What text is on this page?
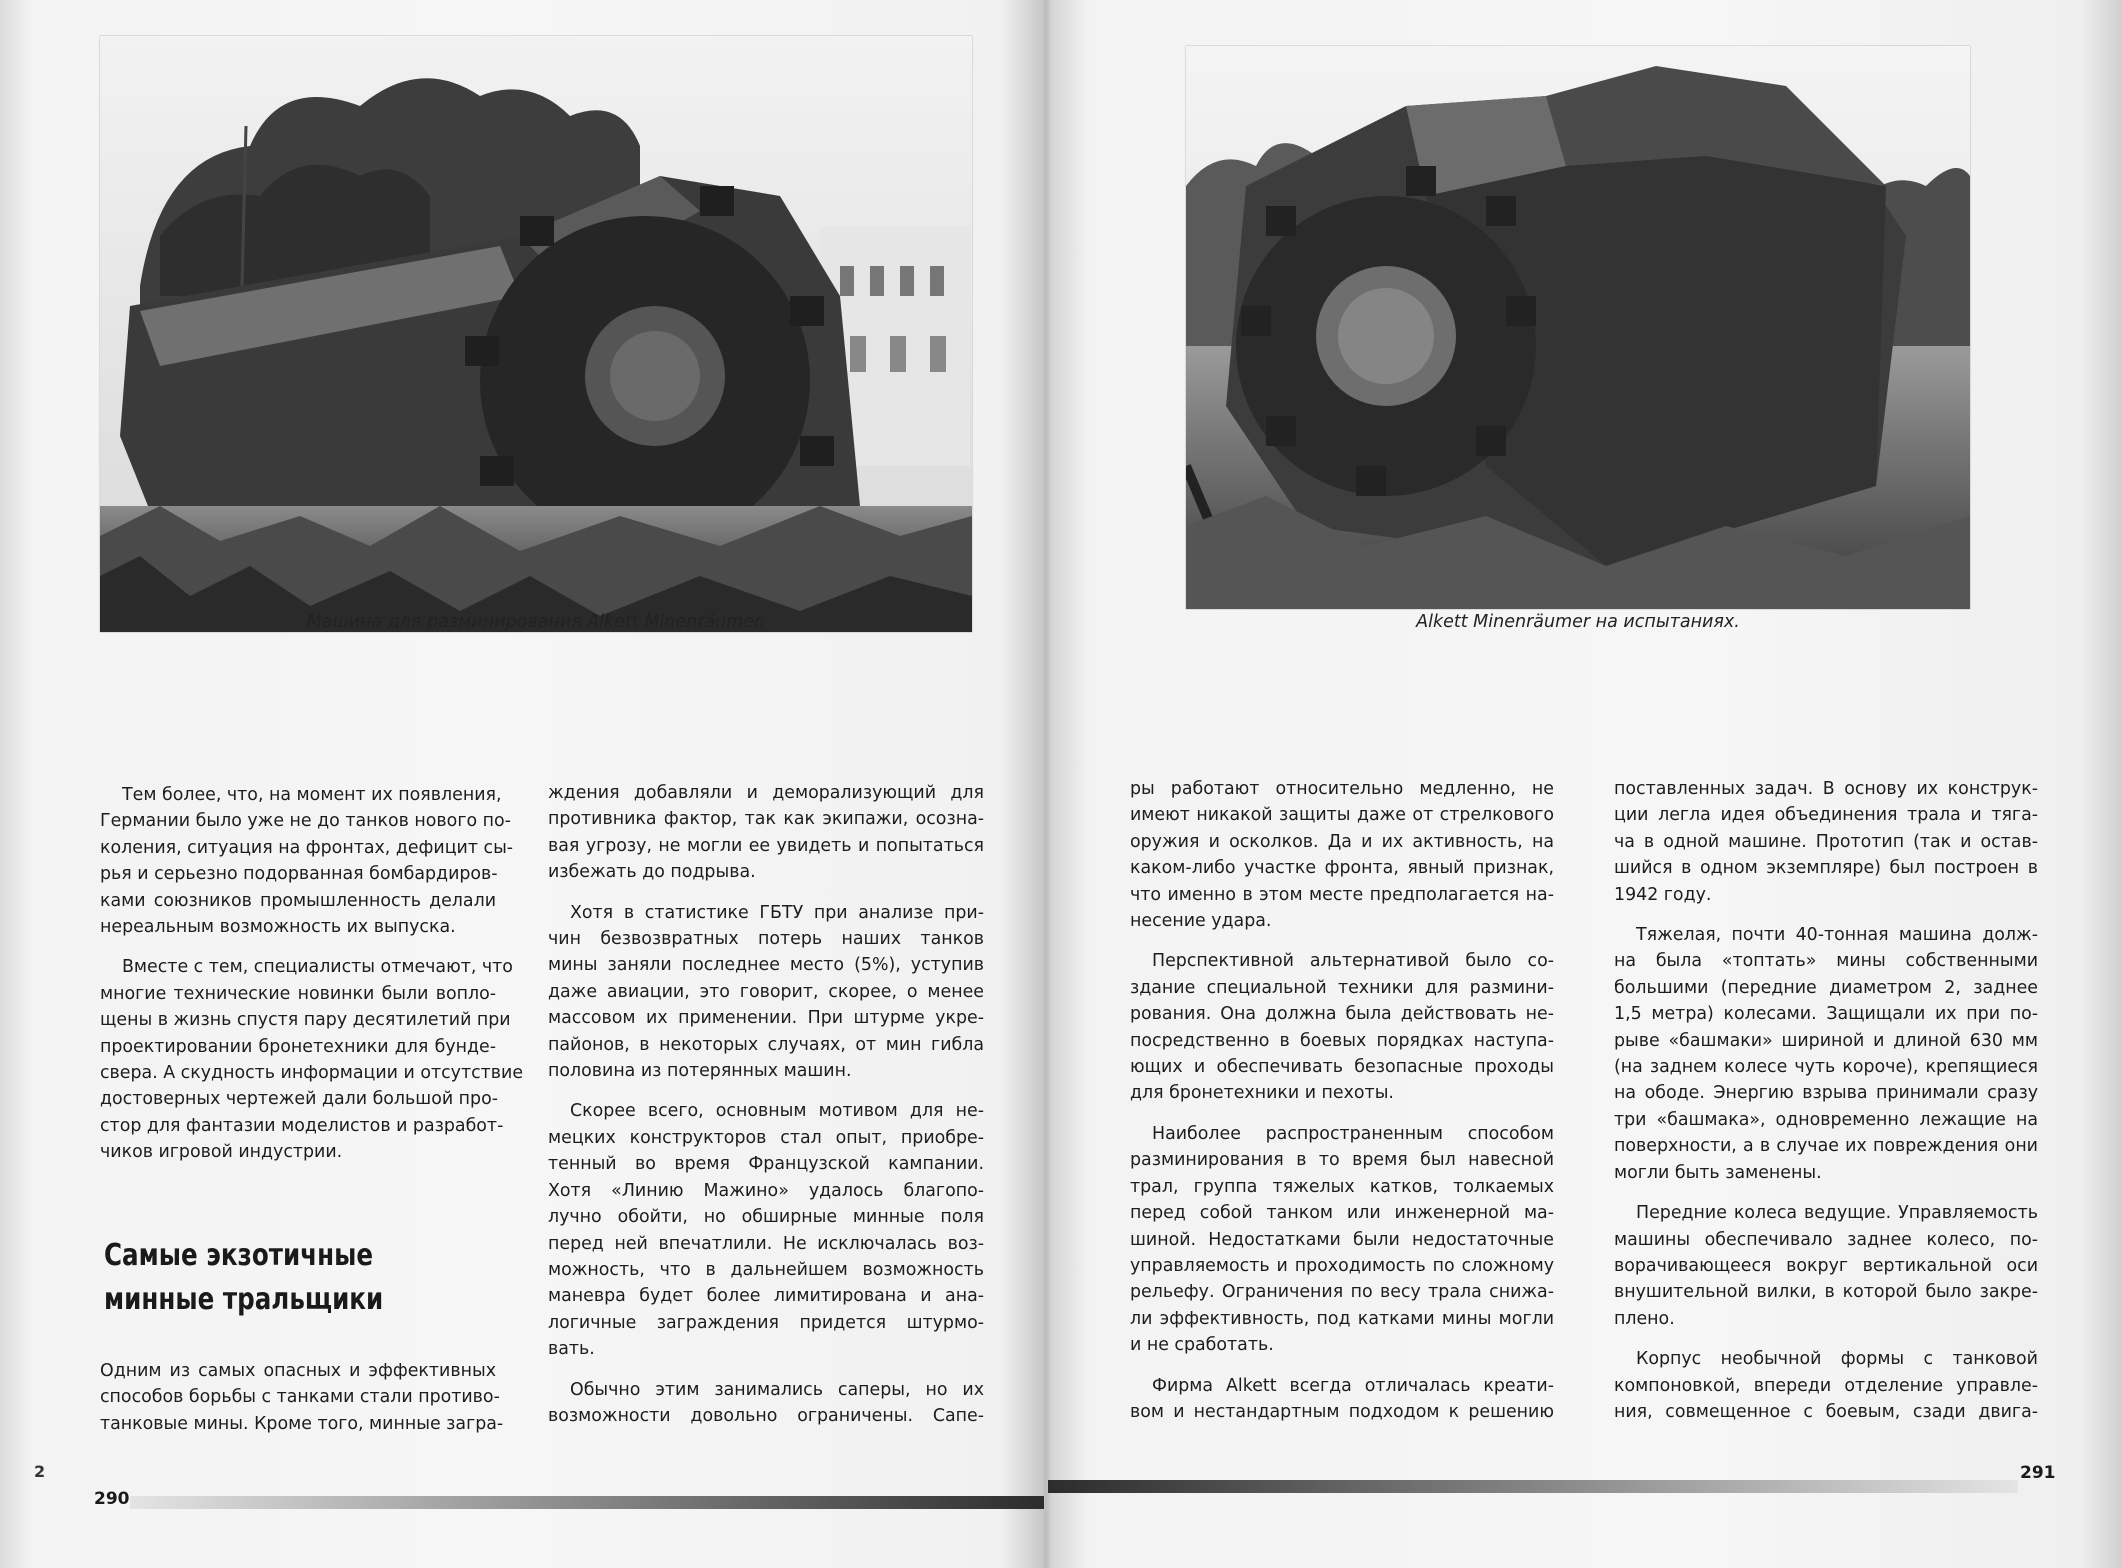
Машина для разминирования Alkett Minenräumer.
Тем более, что, на момент их появления,
Германии было уже не до танков нового по-
коления, ситуация на фронтах, дефицит сы-
рья и серьезно подорванная бомбардиров-
ками союзников промышленность делали
нереальным возможность их выпуска.
Вместе с тем, специалисты отмечают, что
многие технические новинки были вопло-
щены в жизнь спустя пару десятилетий при
проектировании бронетехники для бунде-
свера. А скудность информации и отсутствие
достоверных чертежей дали большой про-
стор для фантазии моделистов и разработ-
чиков игровой индустрии.
Самые экзотичные
минные тральщики
Одним из самых опасных и эффективных
способов борьбы с танками стали противо-
танковые мины. Кроме того, минные загра-
ждения добавляли и деморализующий для
противника фактор, так как экипажи, осозна-
вая угрозу, не могли ее увидеть и попытаться
избежать до подрыва.
Хотя в статистике ГБТУ при анализе при-
чин безвозвратных потерь наших танков
мины заняли последнее место (5%), уступив
даже авиации, это говорит, скорее, о менее
массовом их применении. При штурме укре-
пайонов, в некоторых случаях, от мин гибла
половина из потерянных машин.
Скорее всего, основным мотивом для не-
мецких конструкторов стал опыт, приобре-
тенный во время Французской кампании.
Хотя «Линию Мажино» удалось благопо-
лучно обойти, но обширные минные поля
перед ней впечатлили. Не исключалась воз-
можность, что в дальнейшем возможность
маневра будет более лимитирована и ана-
логичные заграждения придется штурмо-
вать.
Обычно этим занимались саперы, но их
возможности довольно ограничены. Сапе-
290
2
Alkett Minenräumer на испытаниях.
ры работают относительно медленно, не
имеют никакой защиты даже от стрелкового
оружия и осколков. Да и их активность, на
каком-либо участке фронта, явный признак,
что именно в этом месте предполагается на-
несение удара.
Перспективной альтернативой было со-
здание специальной техники для размини-
рования. Она должна была действовать не-
посредственно в боевых порядках наступа-
ющих и обеспечивать безопасные проходы
для бронетехники и пехоты.
Наиболее распространенным способом
разминирования в то время был навесной
трал, группа тяжелых катков, толкаемых
перед собой танком или инженерной ма-
шиной. Недостатками были недостаточные
управляемость и проходимость по сложному
рельефу. Ограничения по весу трала снижа-
ли эффективность, под катками мины могли
и не сработать.
Фирма Alkett всегда отличалась креати-
вом и нестандартным подходом к решению
поставленных задач. В основу их конструк-
ции легла идея объединения трала и тяга-
ча в одной машине. Прототип (так и остав-
шийся в одном экземпляре) был построен в
1942 году.
Тяжелая, почти 40-тонная машина долж-
на была «топтать» мины собственными
большими (передние диаметром 2, заднее
1,5 метра) колесами. Защищали их при по-
рыве «башмаки» шириной и длиной 630 мм
(на заднем колесе чуть короче), крепящиеся
на ободе. Энергию взрыва принимали сразу
три «башмака», одновременно лежащие на
поверхности, а в случае их повреждения они
могли быть заменены.
Передние колеса ведущие. Управляемость
машины обеспечивало заднее колесо, по-
ворачивающееся вокруг вертикальной оси
внушительной вилки, в которой было закре-
плено.
Корпус необычной формы с танковой
компоновкой, впереди отделение управле-
ния, совмещенное с боевым, сзади двига-
291
